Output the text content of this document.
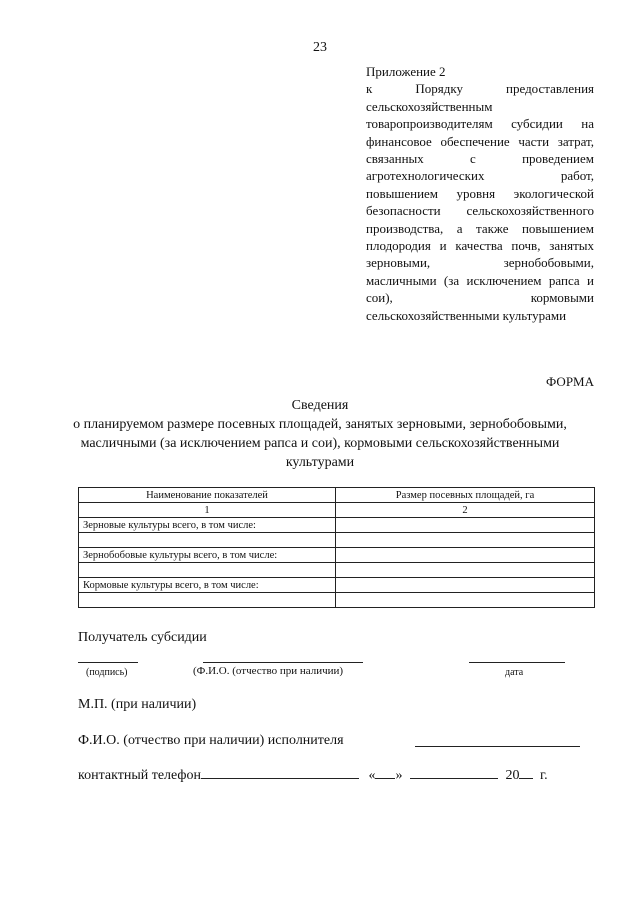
23
Приложение 2
к Порядку предоставления сельскохозяйственным товаропроизводителям субсидии на финансовое обеспечение части затрат, связанных с проведением агротехнологических работ, повышением уровня экологической безопасности сельскохозяйственного производства, а также повышением плодородия и качества почв, занятых зерновыми, зернобобовыми, масличными (за исключением рапса и сои), кормовыми сельскохозяйственными культурами
ФОРМА
Сведения
о планируемом размере посевных площадей, занятых зерновыми, зернобобовыми, масличными (за исключением рапса и сои), кормовыми сельскохозяйственными культурами
Наименование показателей	Размер посевных площадей, га
1	2
Зерновые культуры всего, в том числе:	

Зернобобовые культуры всего, в том числе:	

Кормовые культуры всего, в том числе:	

Получатель субсидии
(подпись)	(Ф.И.О. (отчество при наличии)	дата
М.П. (при наличии)
Ф.И.О. (отчество при наличии) исполнителя
контактный телефон	« »	20 г.
